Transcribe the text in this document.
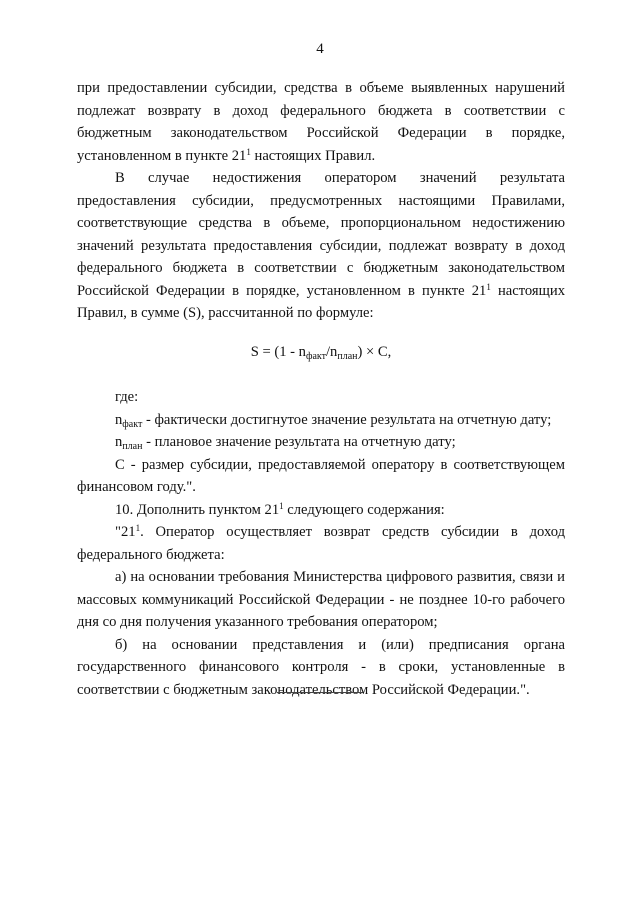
4

при предоставлении субсидии, средства в объеме выявленных нарушений подлежат возврату в доход федерального бюджета в соответствии с бюджетным законодательством Российской Федерации в порядке, установленном в пункте $21^1$ настоящих Правил.

В случае недостижения оператором значений результата предоставления субсидии, предусмотренных настоящими Правилами, соответствующие средства в объеме, пропорциональном недостижению значений результата предоставления субсидии, подлежат возврату в доход федерального бюджета в соответствии с бюджетным законодательством Российской Федерации в порядке, установленном в пункте $21^1$ настоящих Правил, в сумме (S), рассчитанной по формуле:

$S = (1 - n_{факт}/n_{план}) \times C$,

где:

$n_{факт}$ - фактически достигнутое значение результата на отчетную дату;

$n_{план}$ - плановое значение результата на отчетную дату;

C - размер субсидии, предоставляемой оператору в соответствующем финансовом году.".

10. Дополнить пунктом $21^1$ следующего содержания:

"$21^1$. Оператор осуществляет возврат средств субсидии в доход федерального бюджета:

а) на основании требования Министерства цифрового развития, связи и массовых коммуникаций Российской Федерации - не позднее 10-го рабочего дня со дня получения указанного требования оператором;

б) на основании представления и (или) предписания органа государственного финансового контроля - в сроки, установленные в соответствии с бюджетным законодательством Российской Федерации.".
